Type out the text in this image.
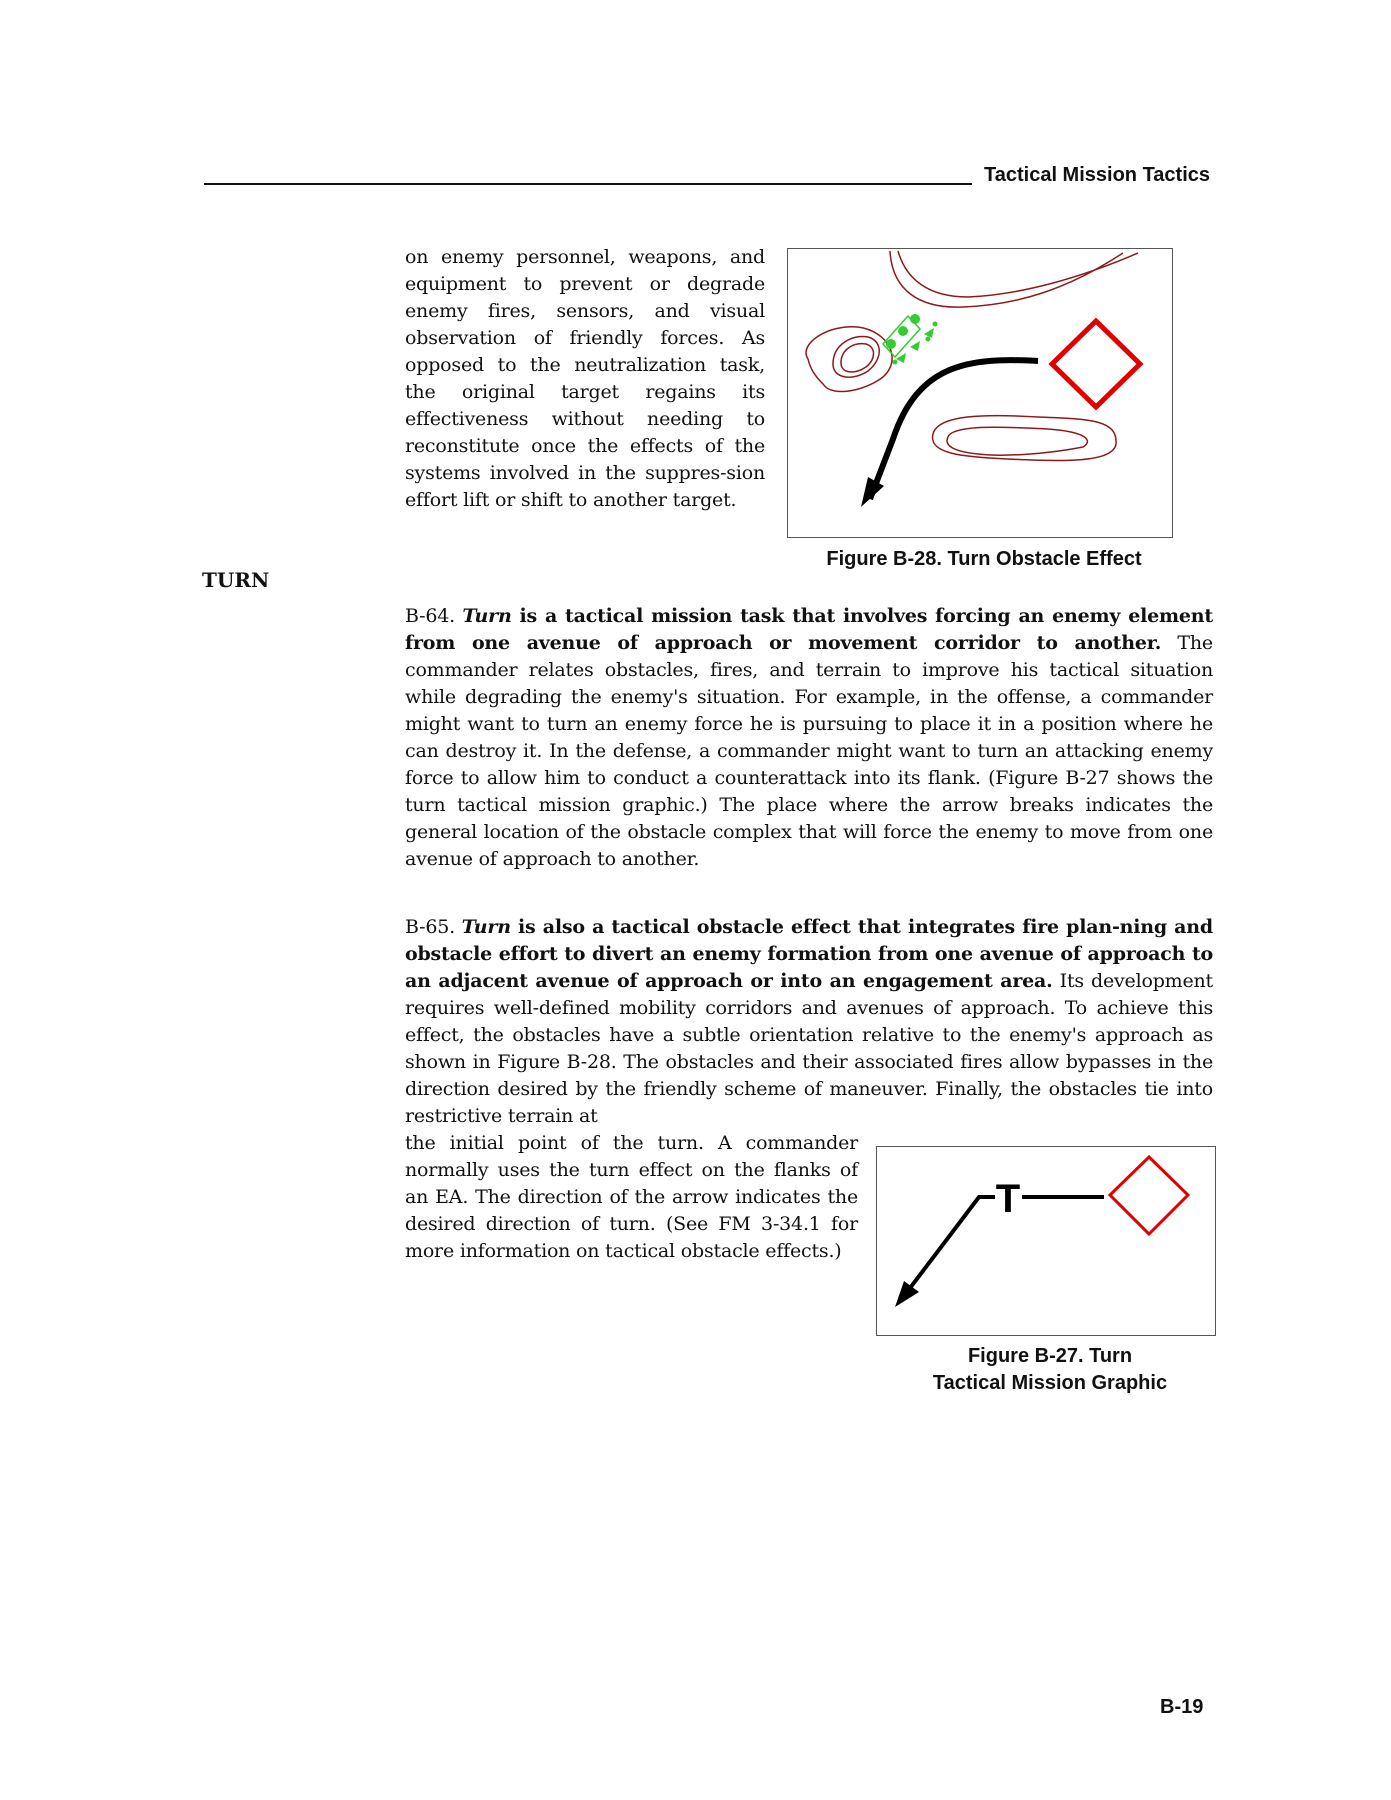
Tactical Mission Tactics
on enemy personnel, weapons, and equipment to prevent or degrade enemy fires, sensors, and visual observation of friendly forces. As opposed to the neutralization task, the original target regains its effectiveness without needing to reconstitute once the effects of the systems involved in the suppres-sion effort lift or shift to another target.
Figure B-28. Turn Obstacle Effect
TURN
B-64. Turn is a tactical mission task that involves forcing an enemy element from one avenue of approach or movement corridor to another. The commander relates obstacles, fires, and terrain to improve his tactical situation while degrading the enemy's situation. For example, in the offense, a commander might want to turn an enemy force he is pursuing to place it in a position where he can destroy it. In the defense, a commander might want to turn an attacking enemy force to allow him to conduct a counterattack into its flank. (Figure B-27 shows the turn tactical mission graphic.) The place where the arrow breaks indicates the general location of the obstacle complex that will force the enemy to move from one avenue of approach to another.
B-65. Turn is also a tactical obstacle effect that integrates fire plan-ning and obstacle effort to divert an enemy formation from one avenue of approach to an adjacent avenue of approach or into an engagement area. Its development requires well-defined mobility corridors and avenues of approach. To achieve this effect, the obstacles have a subtle orientation relative to the enemy's approach as shown in Figure B-28. The obstacles and their associated fires allow bypasses in the direction desired by the friendly scheme of maneuver. Finally, the obstacles tie into restrictive terrain at
the initial point of the turn. A commander normally uses the turn effect on the flanks of an EA. The direction of the arrow indicates the desired direction of turn. (See FM 3-34.1 for more information on tactical obstacle effects.)
T
Figure B-27. Turn
Tactical Mission Graphic
B-19
